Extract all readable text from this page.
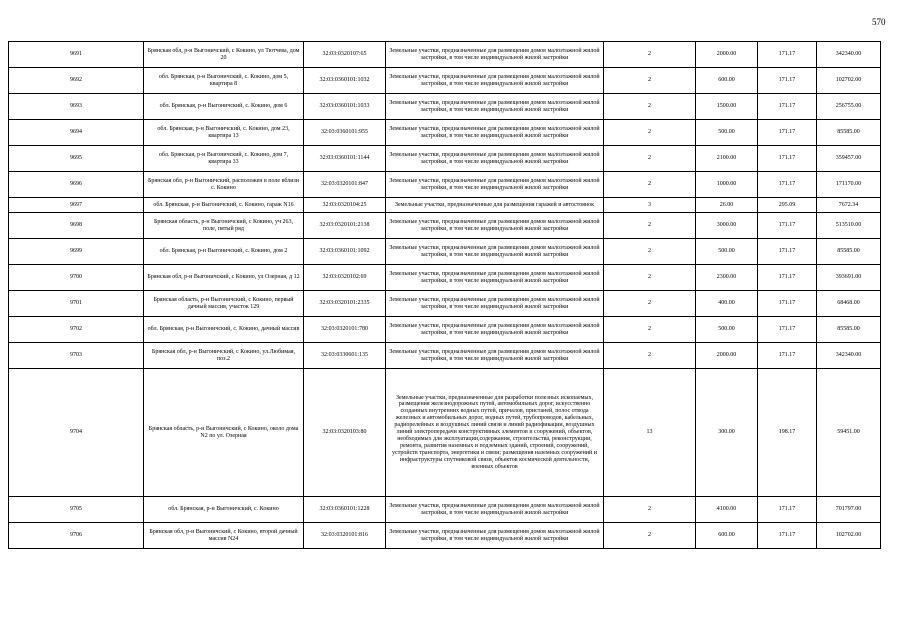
570
9691	Брянская обл, р-н Выгоничский, с Кокино, ул Тютчева, дом 20	32:03:0320107:65	Земельные участки, предназначенные для размещения домов малоэтажной жилой застройки, в том числе индивидуальной жилой застройки	2	2000.00	171.17	342340.00
9692	обл. Брянская, р-н Выгоничский, с. Кокино, дом 5, квартира 8	32:03:0360101:1032	Земельные участки, предназначенные для размещения домов малоэтажной жилой застройки, в том числе индивидуальной жилой застройки	2	600.00	171.17	102702.00
9693	обл. Брянская, р-н Выгоничский, с. Кокино, дом 6	32:03:0360101:1033	Земельные участки, предназначенные для размещения домов малоэтажной жилой застройки, в том числе индивидуальной жилой застройки	2	1500.00	171.17	256755.00
9694	обл. Брянская, р-н Выгоничский, с. Кокино, дом 23, квартира 13	32:03:0360101:955	Земельные участки, предназначенные для размещения домов малоэтажной жилой застройки, в том числе индивидуальной жилой застройки	2	500.00	171.17	85585.00
9695	обл. Брянская, р-н Выгоничский, с. Кокино, дом 7, квартира 33	32:03:0360101:1144	Земельные участки, предназначенные для размещения домов малоэтажной жилой застройки, в том числе индивидуальной жилой застройки	2	2100.00	171.17	359457.00
9696	Брянская обл, р-н Выгоничский, расположен в поле вблизи с. Кокино	32:03:0320101:847	Земельные участки, предназначенные для размещения домов малоэтажной жилой застройки, в том числе индивидуальной жилой застройки	2	1000.00	171.17	171170.00
9697	обл. Брянская, р-н Выгоничский, с. Кокино, гараж N16	32:03:0320104:25	Земельные участки, предназначенные для размещения гаражей и автостоянок	3	26.00	295.09	7672.34
9698	Брянская область, р-н Выгоничский, с Кокино, уч 263, поле, пятый ряд	32:03:0320101:2138	Земельные участки, предназначенные для размещения домов малоэтажной жилой застройки, в том числе индивидуальной жилой застройки	2	3000.00	171.17	513510.00
9699	обл. Брянская, р-н Выгоничский, с. Кокино, дом 2	32:03:0360101:1092	Земельные участки, предназначенные для размещения домов малоэтажной жилой застройки, в том числе индивидуальной жилой застройки	2	500.00	171.17	85585.00
9700	Брянская обл, р-н Выгоничский, с Кокино, ул Озерная, д 12	32:03:0320102:69	Земельные участки, предназначенные для размещения домов малоэтажной жилой застройки, в том числе индивидуальной жилой застройки	2	2300.00	171.17	393691.00
9701	Брянская область, р-н Выгоничский, с Кокино, первый дачный массив, участок 129	32:03:0320101:2335	Земельные участки, предназначенные для размещения домов малоэтажной жилой застройки, в том числе индивидуальной жилой застройки	2	400.00	171.17	68468.00
9702	обл. Брянская, р-н Выгоничский, с. Кокино, дачный массив	32:03:0320101:780	Земельные участки, предназначенные для размещения домов малоэтажной жилой застройки, в том числе индивидуальной жилой застройки	2	500.00	171.17	85585.00
9703	Брянская обл, р-н Выгоничский, с Кокино, ул.Любимая, поз.2	32:03:0330601:135	Земельные участки, предназначенные для размещения домов малоэтажной жилой застройки, в том числе индивидуальной жилой застройки	2	2000.00	171.17	342340.00
9704	Брянская область, р-н Выгоничский, с Кокино, около дома N2 по ул. Озерная	32:03:0320103:80	Земельные участки, предназначенные для разработки полезных ископаемых, размещения железнодорожных путей, автомобильных дорог, искусственно созданных внутренних водных путей, причалов, пристаней, полос отвода железных и автомобильных дорог, водных путей, трубопроводов, кабельных, радиорелейных и воздушных линий связи и линий радиофикации, воздушных линий электропередачи конструктивных элементов и сооружений, объектов, необходимых для эксплуатации,содержания, строительства, реконструкции, ремонта, развития наземных и подземных зданий, строений, сооружений, устройств транспорта, энергетики и связи; размещения наземных сооружений и инфраструктуры спутниковой связи, объектов космической деятельности, военных объектов	13	300.00	198.17	59451.00
9705	обл. Брянская, р-н Выгоничский, с. Кокино	32:03:0360101:1228	Земельные участки, предназначенные для размещения домов малоэтажной жилой застройки, в том числе индивидуальной жилой застройки	2	4100.00	171.17	701797.00
9706	Брянская обл, р-н Выгоничский, с Кокино, второй дачный массив N24	32:03:0320101:816	Земельные участки, предназначенные для размещения домов малоэтажной жилой застройки, в том числе индивидуальной жилой застройки	2	600.00	171.17	102702.00
